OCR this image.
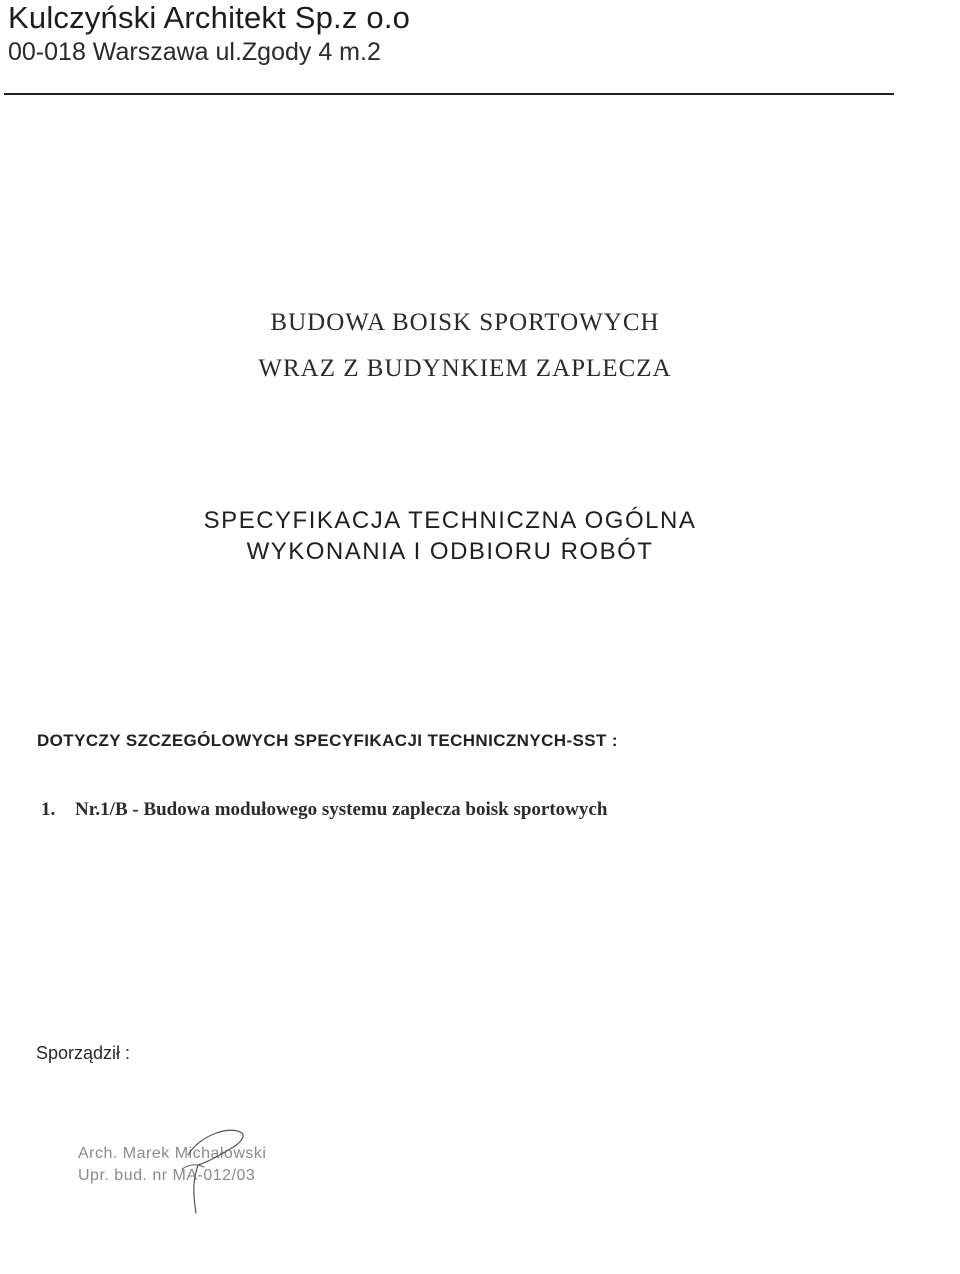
Kulczyński Architekt Sp.z o.o
00-018 Warszawa ul.Zgody 4 m.2
BUDOWA BOISK SPORTOWYCH
WRAZ Z BUDYNKIEM ZAPLECZA
SPECYFIKACJA TECHNICZNA OGÓLNA
WYKONANIA I ODBIORU ROBÓT
DOTYCZY SZCZEGÓLOWYCH SPECYFIKACJI TECHNICZNYCH-SST :
1. Nr.1/B - Budowa modułowego systemu zaplecza boisk sportowych
Sporządził :
Arch. Marek Michałowski
Upr. bud. nr MA-012/03
